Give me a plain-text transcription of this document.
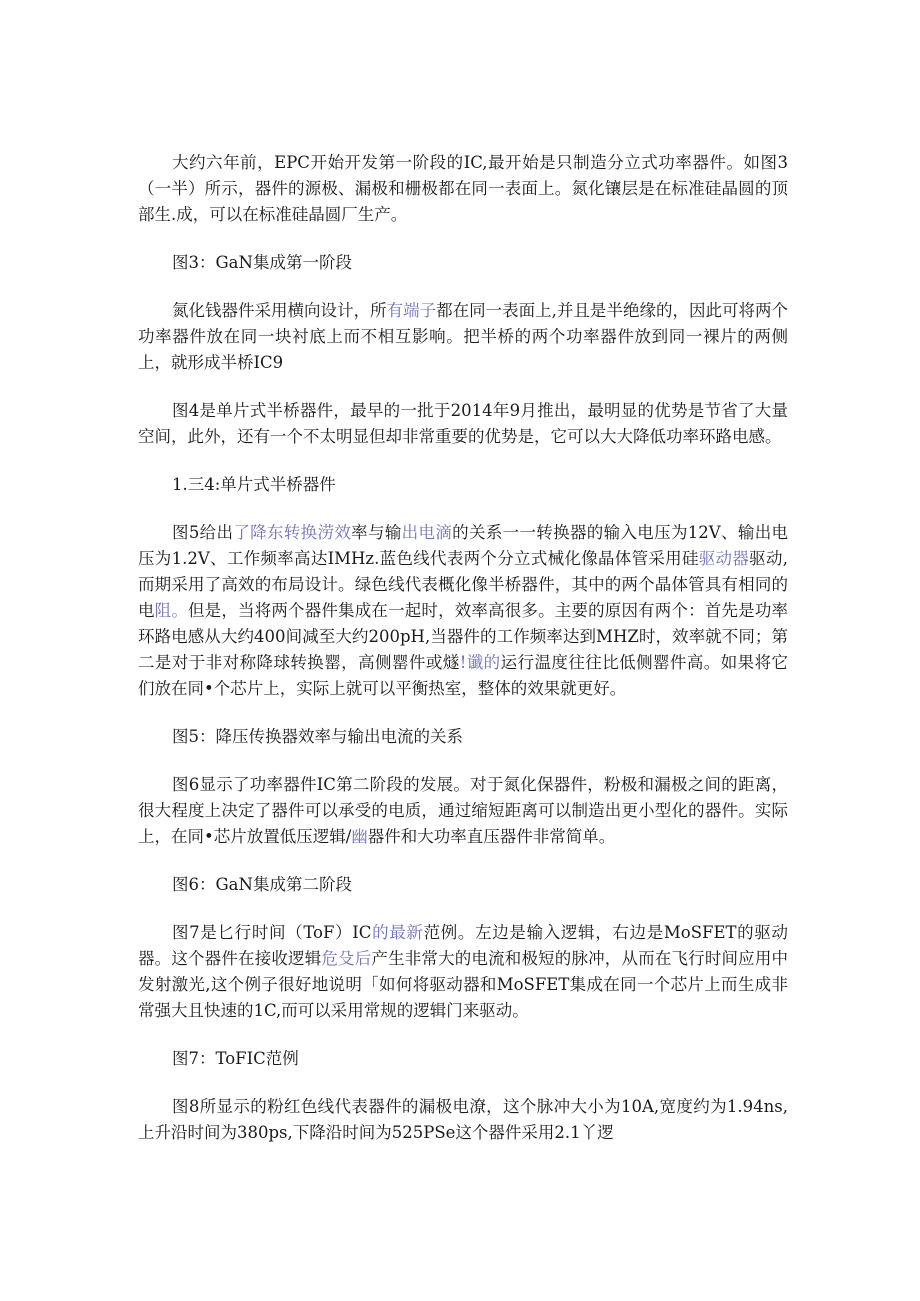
大约六年前，EPC开始开发第一阶段的IC,最开始是只制造分立式功率器件。如图3（一半）所示，器件的源极、漏极和栅极都在同一表面上。氮化镶层是在标准硅晶圆的顶部生.成，可以在标准硅晶圆厂生产。

图3：GaN集成第一阶段

氮化钱器件采用横向设计，所有端子都在同一表面上,并且是半绝缘的，因此可将两个功率器件放在同一块衬底上而不相互影响。把半桥的两个功率器件放到同一裸片的两侧上，就形成半桥IC9

图4是单片式半桥器件，最早的一批于2014年9月推出，最明显的优势是节省了大量空间，此外，还有一个不太明显但却非常重要的优势是，它可以大大降低功率环路电感。

1.三4:单片式半桥器件

图5给出了降东转换涝效率与输出电滴的关系一一转换器的输入电压为12V、输出电压为1.2V、工作频率高达IMHz.蓝色线代表两个分立式械化像晶体管采用硅驱动器驱动,而期采用了高效的布局设计。绿色线代表概化像半桥器件，其中的两个晶体管具有相同的电阻。但是，当将两个器件集成在一起时，效率高很多。主要的原因有两个：首先是功率环路电感从大约400间减至大约200pH,当器件的工作频率达到MHZ时，效率就不同；第二是对于非对称降球转换罂，高侧罂件或燧!谶的运行温度往往比低侧罂件高。如果将它们放在同•个芯片上，实际上就可以平衡热室，整体的效果就更好。

图5：降压传换器效率与输出电流的关系

图6显示了功率器件IC第二阶段的发展。对于氮化保器件，粉极和漏极之间的距离，很大程度上决定了器件可以承受的电质，通过缩短距离可以制造出更小型化的器件。实际上，在同•芯片放置低压逻辑/幽器件和大功率直压器件非常简单。

图6：GaN集成第二阶段

图7是匕行时间（ToF）IC的最新范例。左边是输入逻辑，右边是MoSFET的驱动器。这个器件在接收逻辑危殳后产生非常大的电流和极短的脉冲，从而在飞行时间应用中发射激光,这个例子很好地说明「如何将驱动器和MoSFET集成在同一个芯片上而生成非常强大且快速的1C,而可以采用常规的逻辑门来驱动。

图7：ToFIC范例

图8所显示的粉红色线代表器件的漏极电潦，这个脉冲大小为10A,宽度约为1.94ns,上升沿时间为380ps,下降沿时间为525PSe这个器件采用2.1丫逻
